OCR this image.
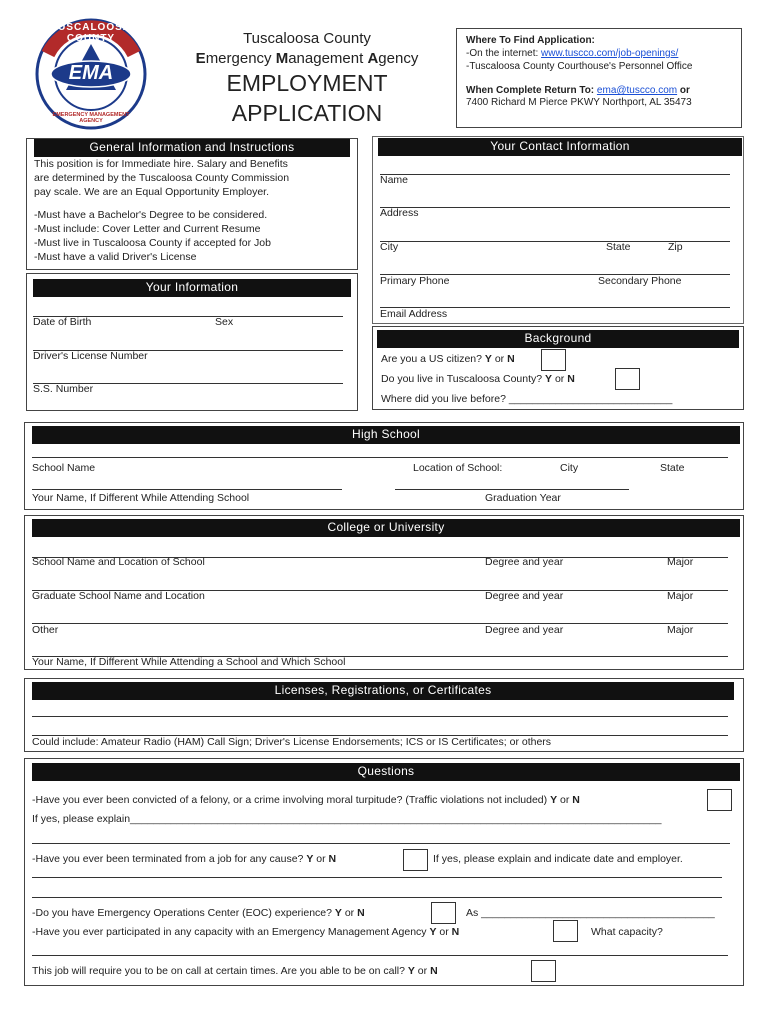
TUSCALOOSA COUNTY
EMA
EMERGENCY MANAGEMENT AGENCY
Tuscaloosa County
Emergency Management Agency
EMPLOYMENT
APPLICATION
Where To Find Application:
-On the internet: www.tuscco.com/job-openings/
-Tuscaloosa County Courthouse's Personnel Office
When Complete Return To: ema@tuscco.com or
7400 Richard M Pierce PKWY Northport, AL 35473
General Information and Instructions
This position is for Immediate hire. Salary and Benefits
are determined by the Tuscaloosa County Commission
pay scale. We are an Equal Opportunity Employer.
-Must have a Bachelor's Degree to be considered.
-Must include: Cover Letter and Current Resume
-Must live in Tuscaloosa County if accepted for Job
-Must have a valid Driver's License
Your Contact Information
Name
Address
City	State	Zip
Primary Phone	Secondary Phone
Email Address
Your Information
Date of Birth	Sex
Driver's License Number
S.S. Number
Background
Are you a US citizen? Y or N
Do you live in Tuscaloosa County? Y or N
Where did you live before? ____________________________
High School
School Name	Location of School:	City	State
Your Name, If Different While Attending School	Graduation Year
College or University
School Name and Location of School	Degree and year	Major
Graduate School Name and Location	Degree and year	Major
Other	Degree and year	Major
Your Name, If Different While Attending a School and Which School
Licenses, Registrations, or Certificates
Could include: Amateur Radio (HAM) Call Sign; Driver's License Endorsements; ICS or IS Certificates; or others
Questions
-Have you ever been convicted of a felony, or a crime involving moral turpitude? (Traffic violations not included) Y or N
If yes, please explain___________________________________________________________________________________________
-Have you ever been terminated from a job for any cause? Y or N	If yes, please explain and indicate date and employer.
-Do you have Emergency Operations Center (EOC) experience? Y or N	As ________________________________________
-Have you ever participated in any capacity with an Emergency Management Agency Y or N	What capacity?
This job will require you to be on call at certain times. Are you able to be on call? Y or N
